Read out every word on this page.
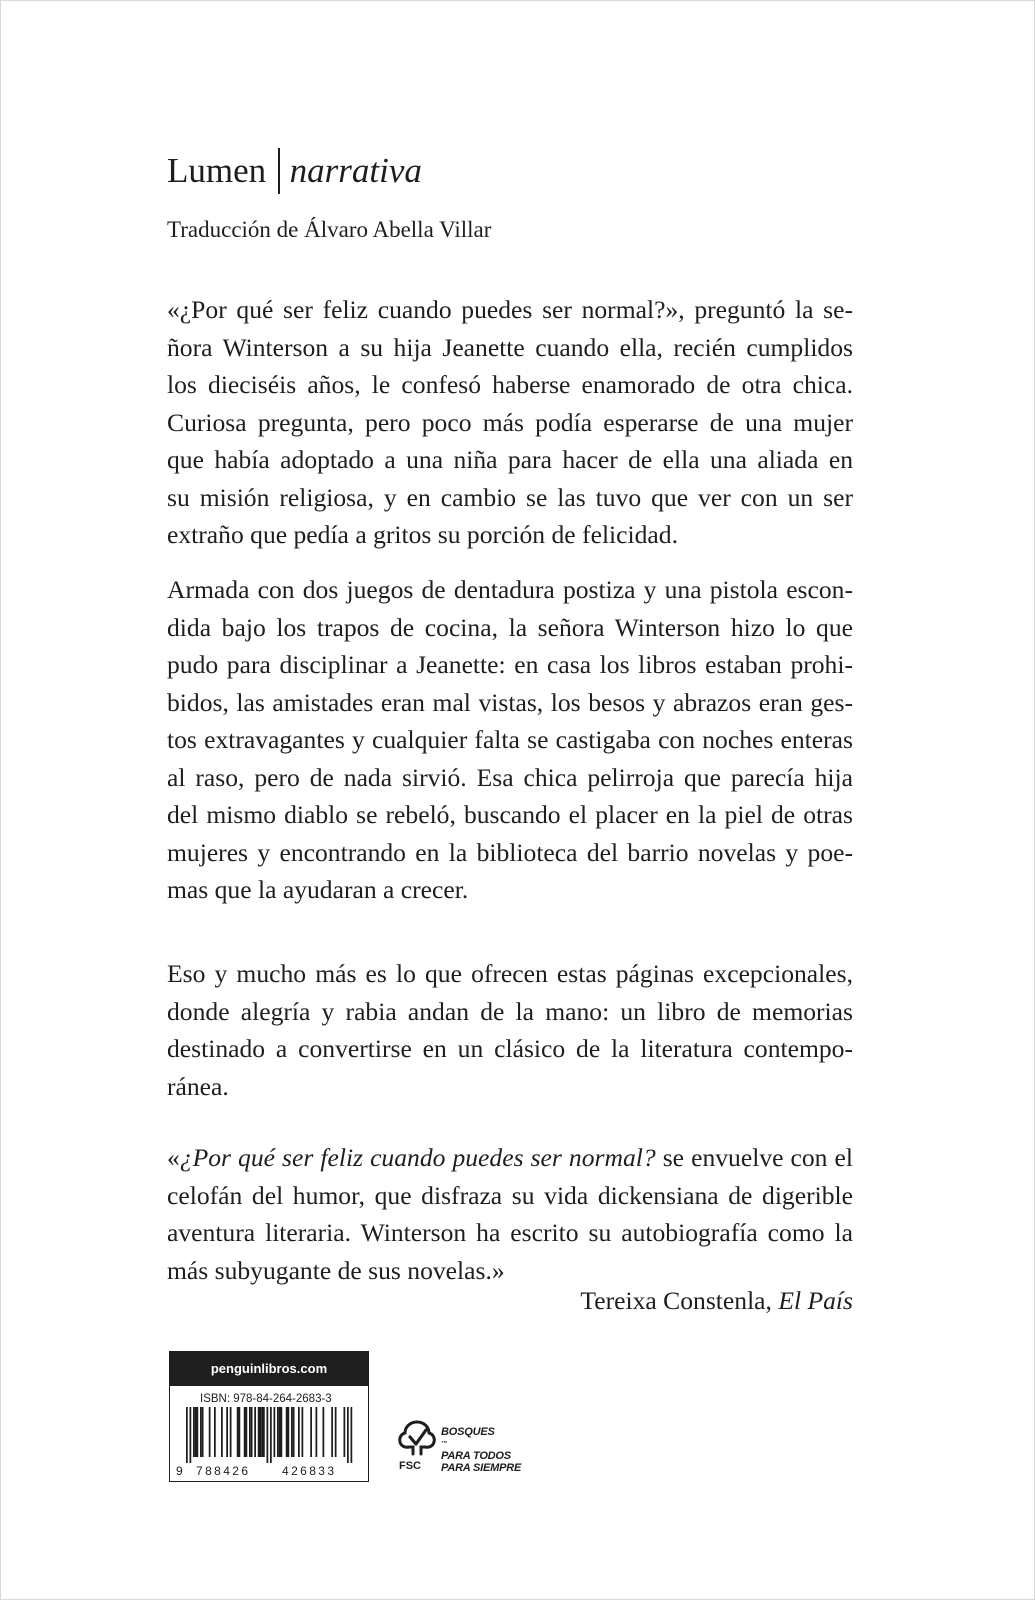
Lumen narrativa
Traducción de Álvaro Abella Villar
«¿Por qué ser feliz cuando puedes ser normal?», preguntó la se-
ñora Winterson a su hija Jeanette cuando ella, recién cumplidos
los dieciséis años, le confesó haberse enamorado de otra chica.
Curiosa pregunta, pero poco más podía esperarse de una mujer
que había adoptado a una niña para hacer de ella una aliada en
su misión religiosa, y en cambio se las tuvo que ver con un ser
extraño que pedía a gritos su porción de felicidad.
Armada con dos juegos de dentadura postiza y una pistola escon-
dida bajo los trapos de cocina, la señora Winterson hizo lo que
pudo para disciplinar a Jeanette: en casa los libros estaban prohi-
bidos, las amistades eran mal vistas, los besos y abrazos eran ges-
tos extravagantes y cualquier falta se castigaba con noches enteras
al raso, pero de nada sirvió. Esa chica pelirroja que parecía hija
del mismo diablo se rebeló, buscando el placer en la piel de otras
mujeres y encontrando en la biblioteca del barrio novelas y poe-
mas que la ayudaran a crecer.
Eso y mucho más es lo que ofrecen estas páginas excepcionales,
donde alegría y rabia andan de la mano: un libro de memorias
destinado a convertirse en un clásico de la literatura contempo-
ránea.
«¿Por qué ser feliz cuando puedes ser normal? se envuelve con el
celofán del humor, que disfraza su vida dickensiana de digerible
aventura literaria. Winterson ha escrito su autobiografía como la
más subyugante de sus novelas.»
Tereixa Constenla, El País
penguinlibros.com
ISBN: 978-84-264-2683-3
9 788426	426833	FSC
BOSQUES
™
PARA TODOS
PARA SIEMPRE
